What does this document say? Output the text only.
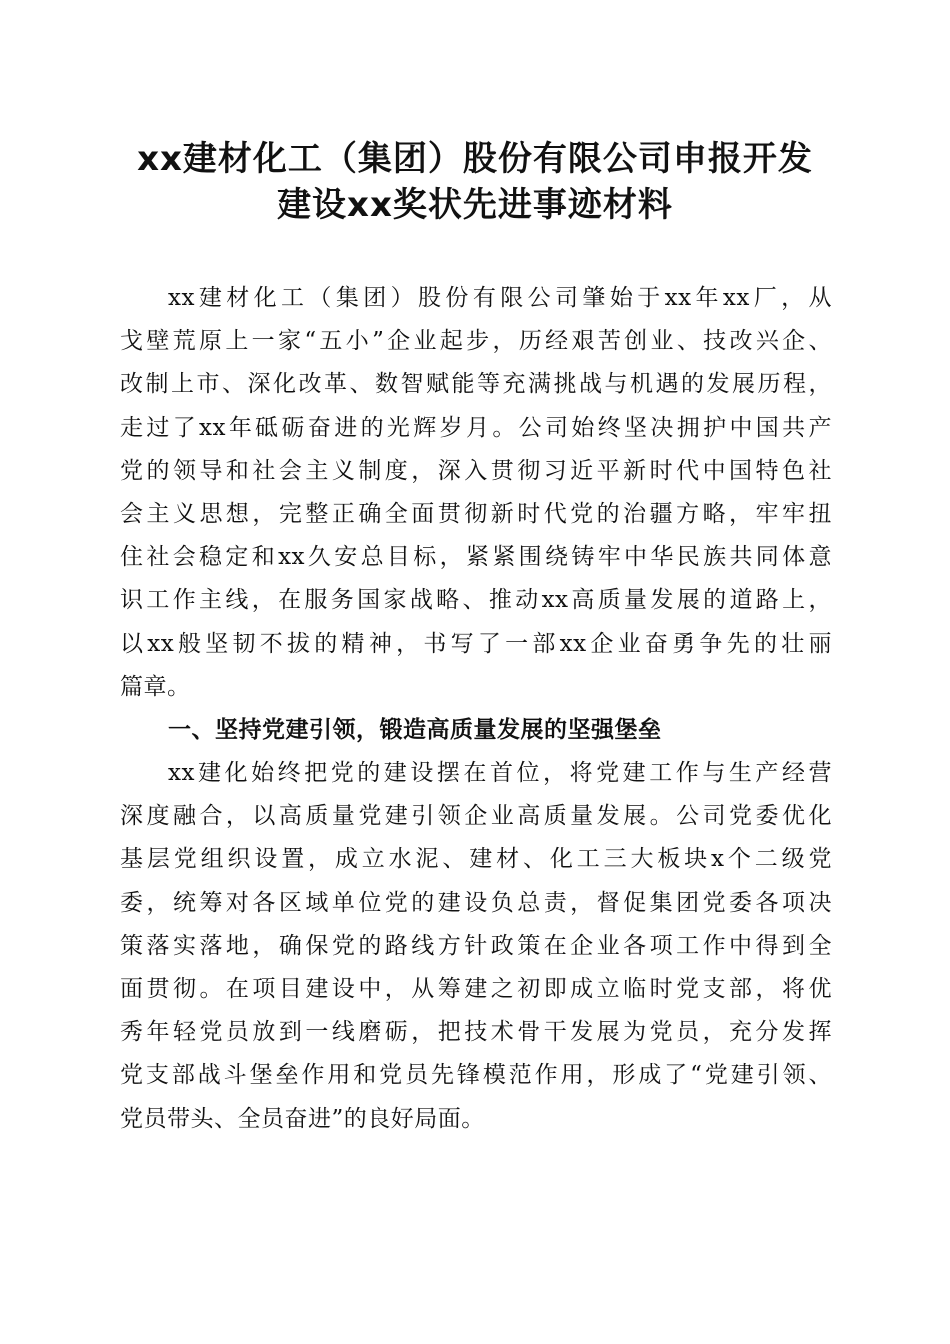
xx建材化工（集团）股份有限公司申报开发
建设xx奖状先进事迹材料
xx建材化工（集团）股份有限公司肇始于xx年xx厂，从
戈壁荒原上一家“五小”企业起步，历经艰苦创业、技改兴企、
改制上市、深化改革、数智赋能等充满挑战与机遇的发展历程，
走过了xx年砥砺奋进的光辉岁月。公司始终坚决拥护中国共产
党的领导和社会主义制度，深入贯彻习近平新时代中国特色社
会主义思想，完整正确全面贯彻新时代党的治疆方略，牢牢扭
住社会稳定和xx久安总目标，紧紧围绕铸牢中华民族共同体意
识工作主线，在服务国家战略、推动xx高质量发展的道路上，
以xx般坚韧不拔的精神，书写了一部xx企业奋勇争先的壮丽
篇章。
一、坚持党建引领，锻造高质量发展的坚强堡垒
xx建化始终把党的建设摆在首位，将党建工作与生产经营
深度融合，以高质量党建引领企业高质量发展。公司党委优化
基层党组织设置，成立水泥、建材、化工三大板块x个二级党
委，统筹对各区域单位党的建设负总责，督促集团党委各项决
策落实落地，确保党的路线方针政策在企业各项工作中得到全
面贯彻。在项目建设中，从筹建之初即成立临时党支部，将优
秀年轻党员放到一线磨砺，把技术骨干发展为党员，充分发挥
党支部战斗堡垒作用和党员先锋模范作用，形成了“党建引领、
党员带头、全员奋进”的良好局面。
